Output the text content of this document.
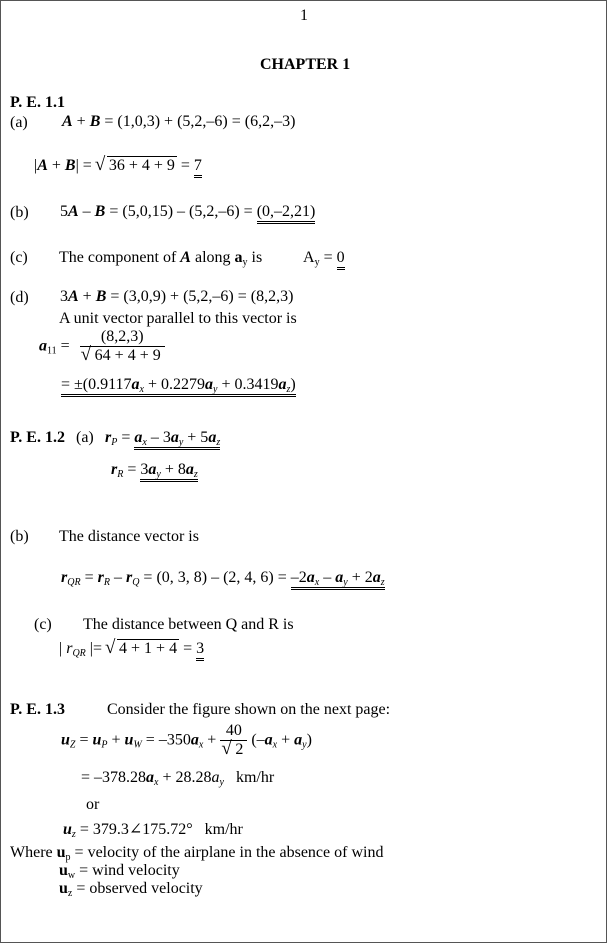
1
CHAPTER 1
P. E. 1.1
(a) A + B = (1,0,3) + (5,2,–6) = (6,2,–3)
|A + B| = √ 36 + 4 + 9 = 7
(b) 5A – B = (5,0,15) – (5,2,–6) = (0,–2,21)
(c) The component of A along $a_y$ is	$A_y = 0$
(d) 3A + B = (3,0,9) + (5,2,–6) = (8,2,3)
A unit vector parallel to this vector is
$a_{11} = (8,2,3)$
√ 64 + 4 + 9
= ±(0.9117ax + 0.2279ay + 0.3419az)
P. E. 1.2 (a) rP = ax – 3ay + 5az
rR = 3ay + 8az
(b) The distance vector is
rQR = rR – rQ = (0, 3, 8) – (2, 4, 6) = –2ax – ay + 2az
(c) The distance between Q and R is
| rQR |= √ 4 + 1 + 4 = 3
P. E. 1.3	Consider the figure shown on the next page:
uZ = uP + uW = –350ax + 40
√ 2 (–ax + ay)
= –378.28ax + 28.28ay km/hr
or
uz = 379.3∠175.72° km/hr
Where $u_p$ = velocity of the airplane in the absence of wind
$u_w$ = wind velocity
$u_z$ = observed velocity
